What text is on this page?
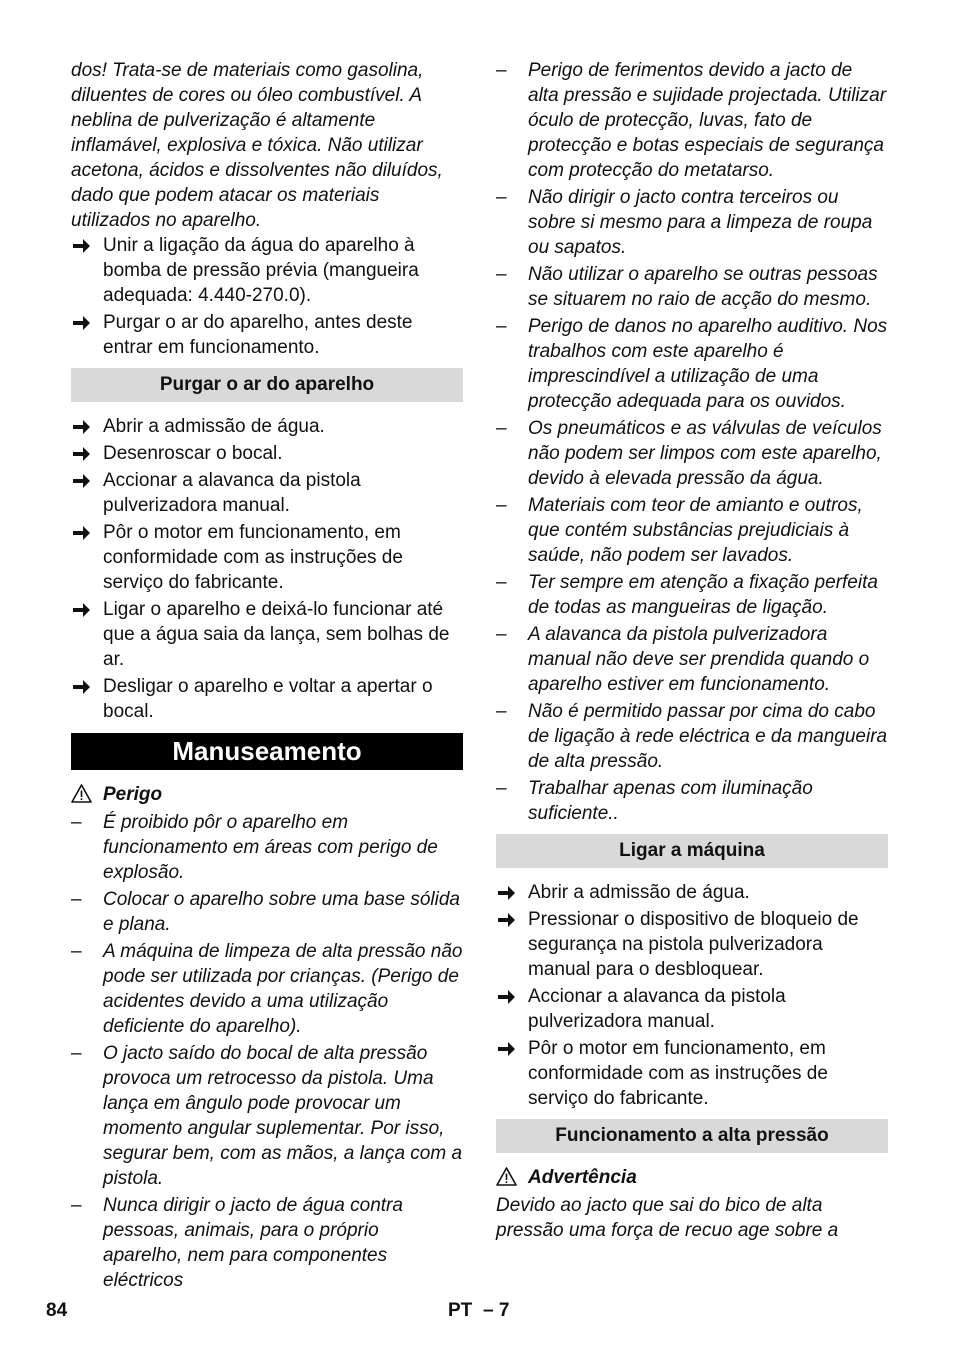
dos! Trata-se de materiais como gasolina, diluentes de cores ou óleo combustível. A neblina de pulverização é altamente inflamável, explosiva e tóxica. Não utilizar acetona, ácidos e dissolventes não diluídos, dado que podem atacar os materiais utilizados no aparelho.

Unir a ligação da água do aparelho à bomba de pressão prévia (mangueira adequada: 4.440-270.0).
Purgar o ar do aparelho, antes deste entrar em funcionamento.
Purgar o ar do aparelho
Abrir a admissão de água.
Desenroscar o bocal.
Accionar a alavanca da pistola pulverizadora manual.
Pôr o motor em funcionamento, em conformidade com as instruções de serviço do fabricante.
Ligar o aparelho e deixá-lo funcionar até que a água saia da lança, sem bolhas de ar.
Desligar o aparelho e voltar a apertar o bocal.
Manuseamento
Perigo
– É proibido pôr o aparelho em funcionamento em áreas com perigo de explosão.
– Colocar o aparelho sobre uma base sólida e plana.
– A máquina de limpeza de alta pressão não pode ser utilizada por crianças. (Perigo de acidentes devido a uma utilização deficiente do aparelho).
– O jacto saído do bocal de alta pressão provoca um retrocesso da pistola. Uma lança em ângulo pode provocar um momento angular suplementar. Por isso, segurar bem, com as mãos, a lança com a pistola.
– Nunca dirigir o jacto de água contra pessoas, animais, para o próprio aparelho, nem para componentes eléctricos
– Perigo de ferimentos devido a jacto de alta pressão e sujidade projectada. Utilizar óculo de protecção, luvas, fato de protecção e botas especiais de segurança com protecção do metatarso.
– Não dirigir o jacto contra terceiros ou sobre si mesmo para a limpeza de roupa ou sapatos.
– Não utilizar o aparelho se outras pessoas se situarem no raio de acção do mesmo.
– Perigo de danos no aparelho auditivo. Nos trabalhos com este aparelho é imprescindível a utilização de uma protecção adequada para os ouvidos.
– Os pneumáticos e as válvulas de veículos não podem ser limpos com este aparelho, devido à elevada pressão da água.
– Materiais com teor de amianto e outros, que contém substâncias prejudiciais à saúde, não podem ser lavados.
– Ter sempre em atenção a fixação perfeita de todas as mangueiras de ligação.
– A alavanca da pistola pulverizadora manual não deve ser prendida quando o aparelho estiver em funcionamento.
– Não é permitido passar por cima do cabo de ligação à rede eléctrica e da mangueira de alta pressão.
– Trabalhar apenas com iluminação suficiente..
Ligar a máquina
Abrir a admissão de água.
Pressionar o dispositivo de bloqueio de segurança na pistola pulverizadora manual para o desbloquear.
Accionar a alavanca da pistola pulverizadora manual.
Pôr o motor em funcionamento, em conformidade com as instruções de serviço do fabricante.
Funcionamento a alta pressão
Advertência

Devido ao jacto que sai do bico de alta pressão uma força de recuo age sobre a

84	PT – 7
